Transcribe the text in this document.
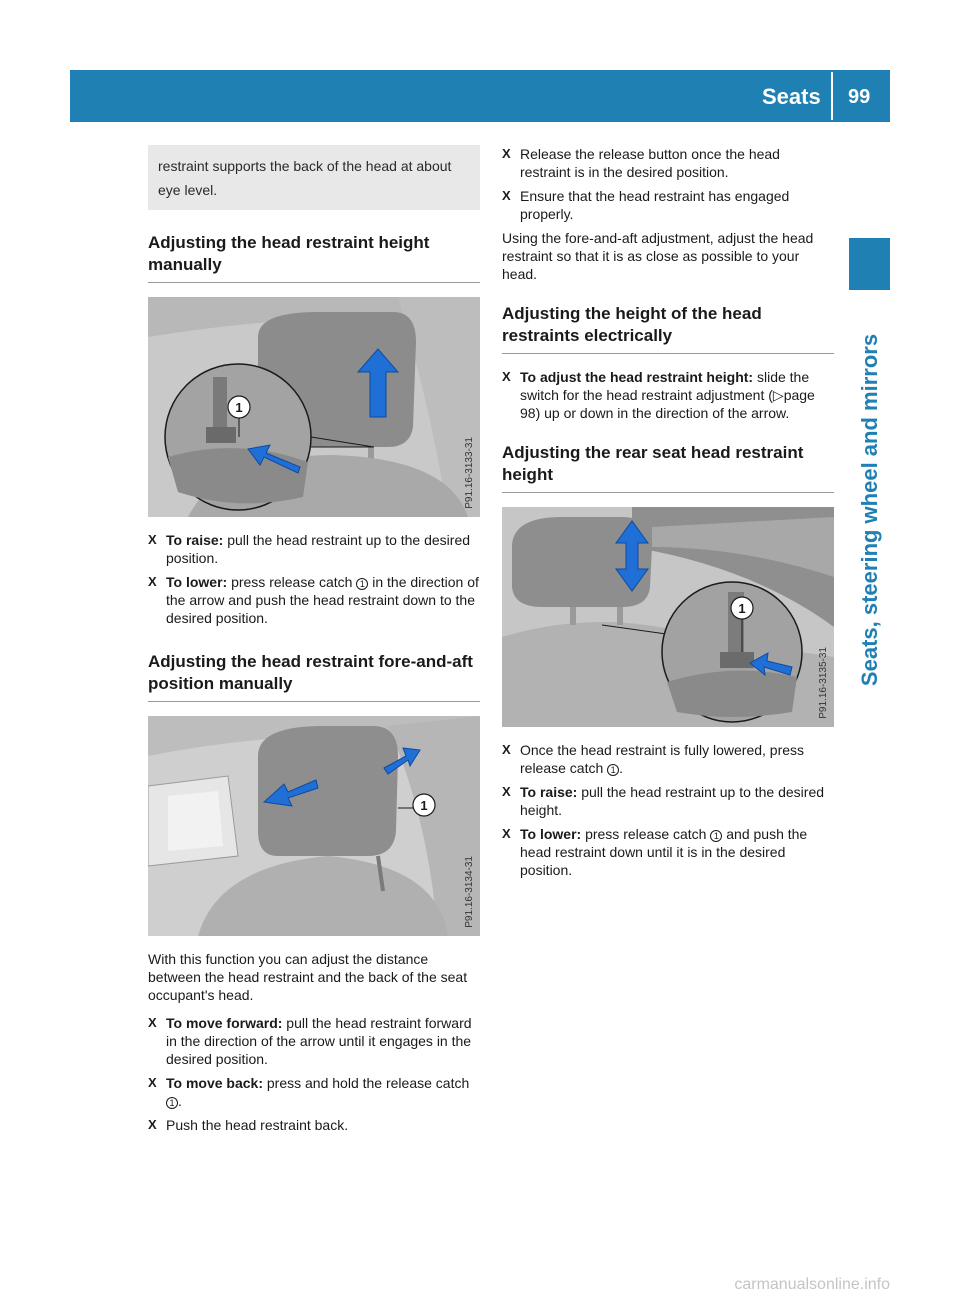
Seats 99
Seats, steering wheel and mirrors
restraint supports the back of the head at about eye level.
Adjusting the head restraint height manually
1
P91.16-3133-31
X To raise: pull the head restraint up to the desired position.
X To lower: press release catch 1 in the direction of the arrow and push the head restraint down to the desired position.
Adjusting the head restraint fore-and-aft position manually
1
P91.16-3134-31

With this function you can adjust the distance between the head restraint and the back of the seat occupant's head.

X To move forward: pull the head restraint forward in the direction of the arrow until it engages in the desired position.
X To move back: press and hold the release catch 1 .
X Push the head restraint back.
X Release the release button once the head restraint is in the desired position.
X Ensure that the head restraint has engaged properly.

Using the fore-and-aft adjustment, adjust the head restraint so that it is as close as possible to your head.

Adjusting the height of the head restraints electrically
X To adjust the head restraint height: slide the switch for the head restraint adjustment (▷page 98) up or down in the direction of the arrow.
Adjusting the rear seat head restraint height
1
P91.16-3135-31
X Once the head restraint is fully lowered, press release catch 1 .
X To raise: pull the head restraint up to the desired height.
X To lower: press release catch 1 and push the head restraint down until it is in the desired position.
carmanualsonline.info
